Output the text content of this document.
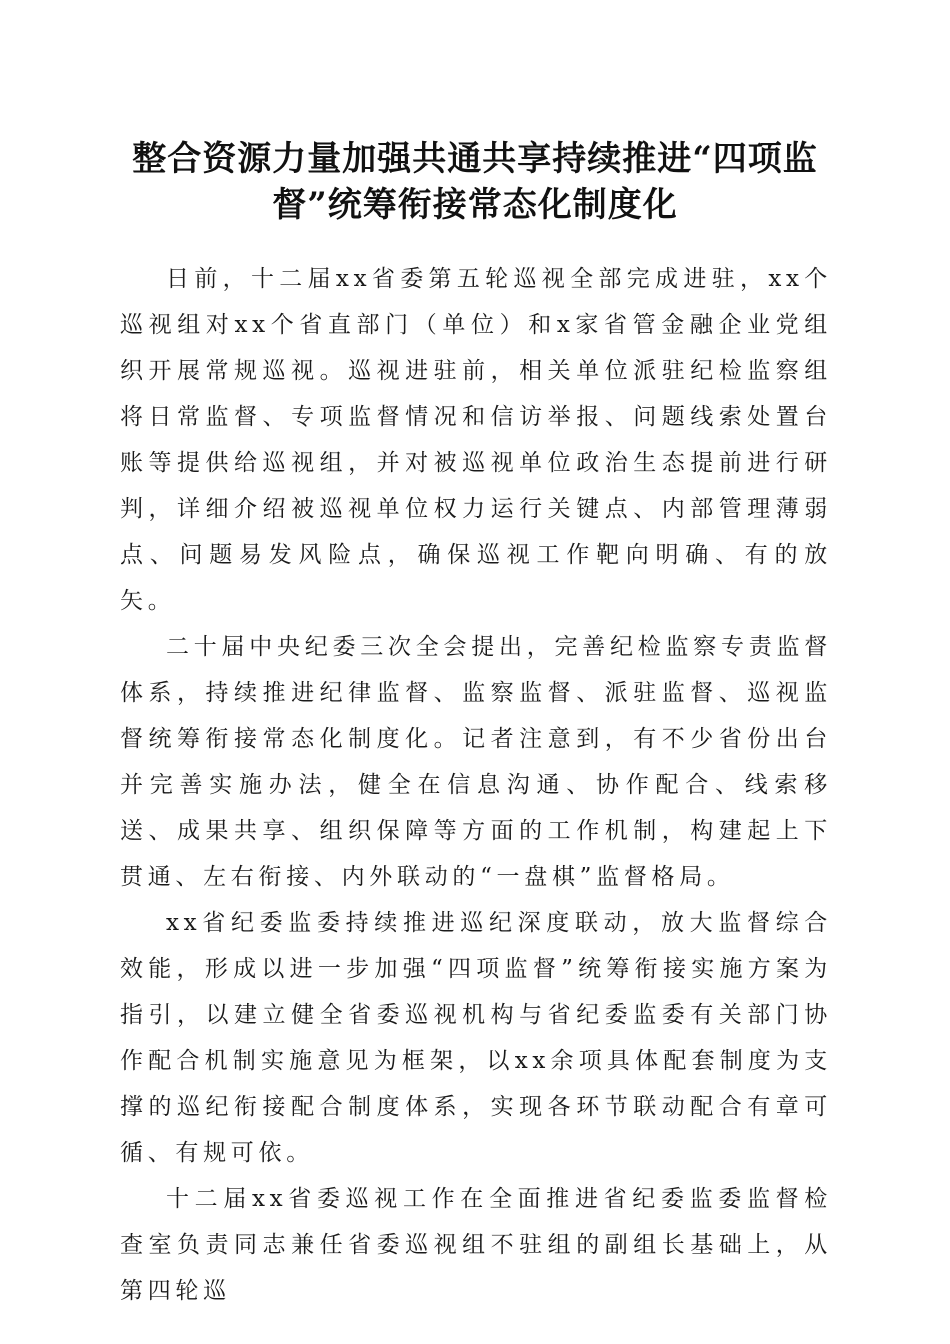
整合资源力量加强共通共享持续推进“四项监督”统筹衔接常态化制度化

日前，十二届xx省委第五轮巡视全部完成进驻，xx个巡视组对xx个省直部门（单位）和x家省管金融企业党组织开展常规巡视。巡视进驻前，相关单位派驻纪检监察组将日常监督、专项监督情况和信访举报、问题线索处置台账等提供给巡视组，并对被巡视单位政治生态提前进行研判，详细介绍被巡视单位权力运行关键点、内部管理薄弱点、问题易发风险点，确保巡视工作靶向明确、有的放矢。

二十届中央纪委三次全会提出，完善纪检监察专责监督体系，持续推进纪律监督、监察监督、派驻监督、巡视监督统筹衔接常态化制度化。记者注意到，有不少省份出台并完善实施办法，健全在信息沟通、协作配合、线索移送、成果共享、组织保障等方面的工作机制，构建起上下贯通、左右衔接、内外联动的“一盘棋”监督格局。

xx省纪委监委持续推进巡纪深度联动，放大监督综合效能，形成以进一步加强“四项监督”统筹衔接实施方案为指引，以建立健全省委巡视机构与省纪委监委有关部门协作配合机制实施意见为框架，以xx余项具体配套制度为支撑的巡纪衔接配合制度体系，实现各环节联动配合有章可循、有规可依。

十二届xx省委巡视工作在全面推进省纪委监委监督检查室负责同志兼任省委巡视组不驻组的副组长基础上，从第四轮巡
